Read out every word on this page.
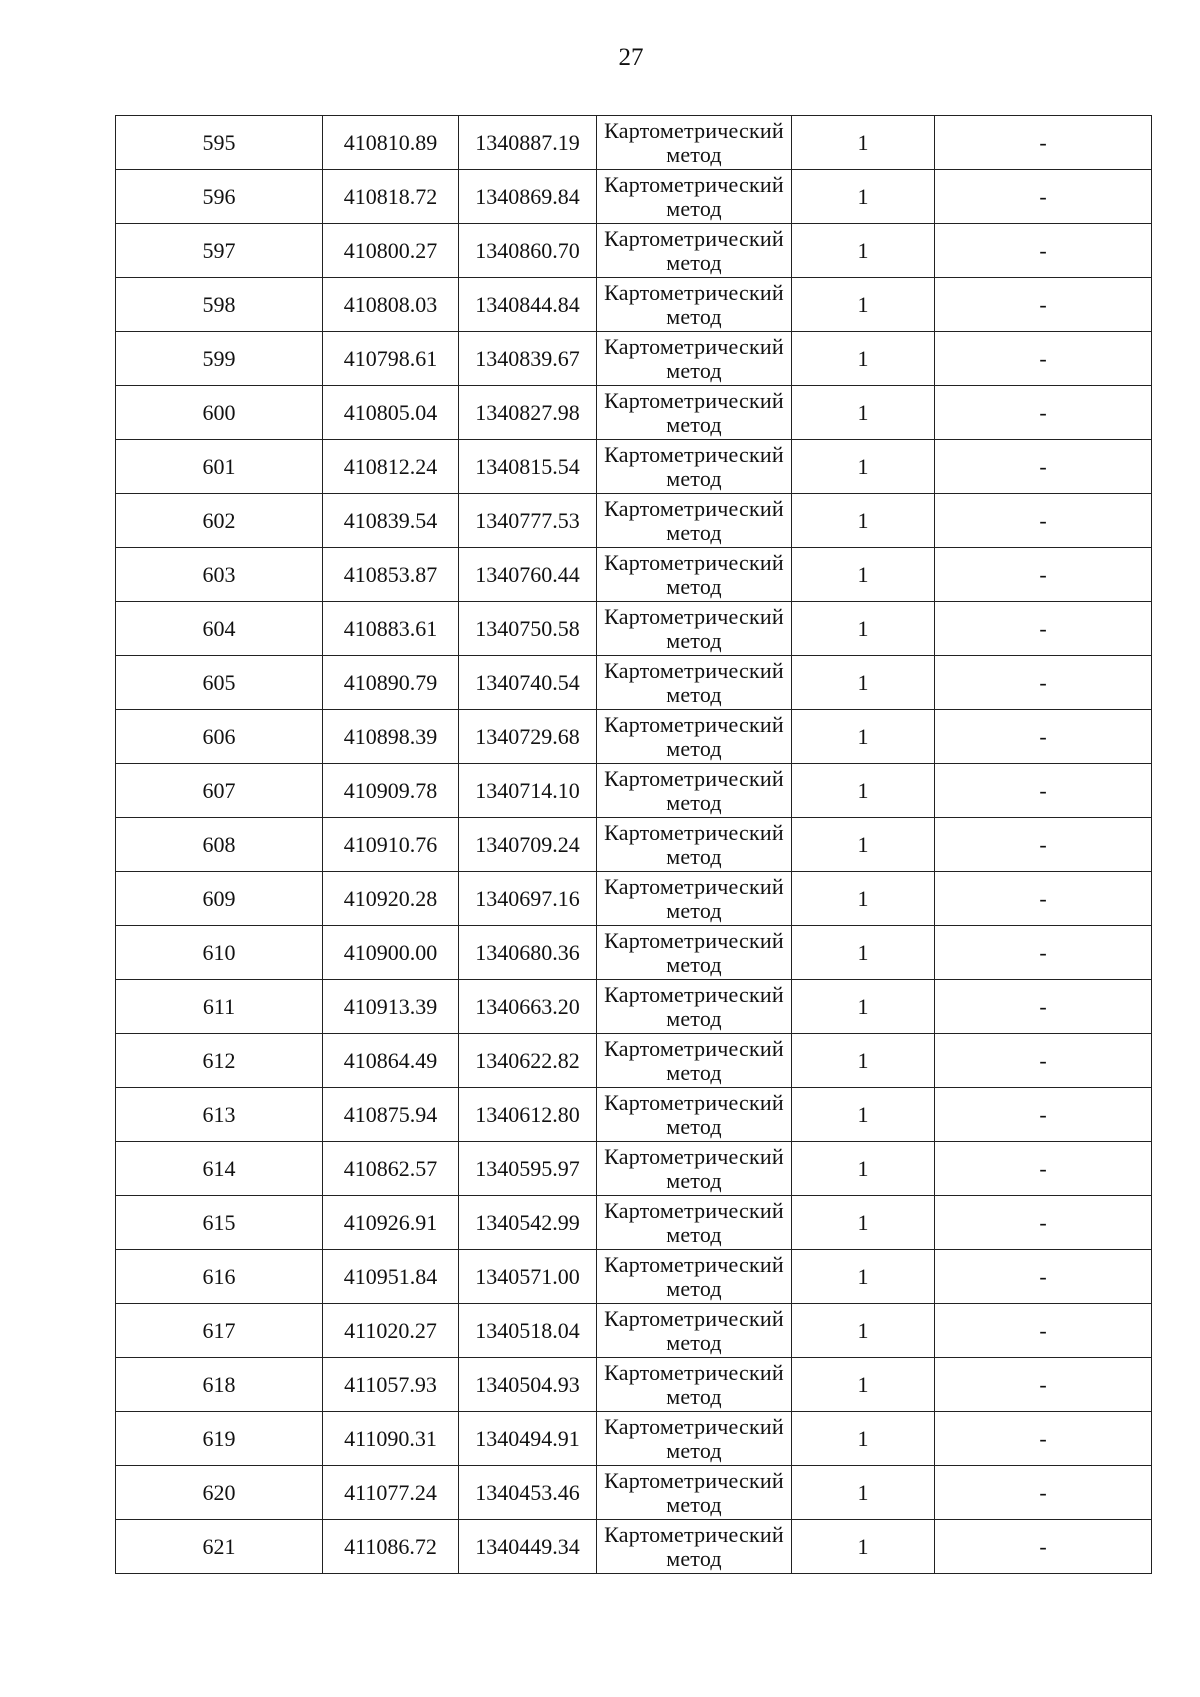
27
595	410810.89	1340887.19	Картометрический
метод	1	-
596	410818.72	1340869.84	Картометрический
метод	1	-
597	410800.27	1340860.70	Картометрический
метод	1	-
598	410808.03	1340844.84	Картометрический
метод	1	-
599	410798.61	1340839.67	Картометрический
метод	1	-
600	410805.04	1340827.98	Картометрический
метод	1	-
601	410812.24	1340815.54	Картометрический
метод	1	-
602	410839.54	1340777.53	Картометрический
метод	1	-
603	410853.87	1340760.44	Картометрический
метод	1	-
604	410883.61	1340750.58	Картометрический
метод	1	-
605	410890.79	1340740.54	Картометрический
метод	1	-
606	410898.39	1340729.68	Картометрический
метод	1	-
607	410909.78	1340714.10	Картометрический
метод	1	-
608	410910.76	1340709.24	Картометрический
метод	1	-
609	410920.28	1340697.16	Картометрический
метод	1	-
610	410900.00	1340680.36	Картометрический
метод	1	-
611	410913.39	1340663.20	Картометрический
метод	1	-
612	410864.49	1340622.82	Картометрический
метод	1	-
613	410875.94	1340612.80	Картометрический
метод	1	-
614	410862.57	1340595.97	Картометрический
метод	1	-
615	410926.91	1340542.99	Картометрический
метод	1	-
616	410951.84	1340571.00	Картометрический
метод	1	-
617	411020.27	1340518.04	Картометрический
метод	1	-
618	411057.93	1340504.93	Картометрический
метод	1	-
619	411090.31	1340494.91	Картометрический
метод	1	-
620	411077.24	1340453.46	Картометрический
метод	1	-
621	411086.72	1340449.34	Картометрический
метод	1	-
